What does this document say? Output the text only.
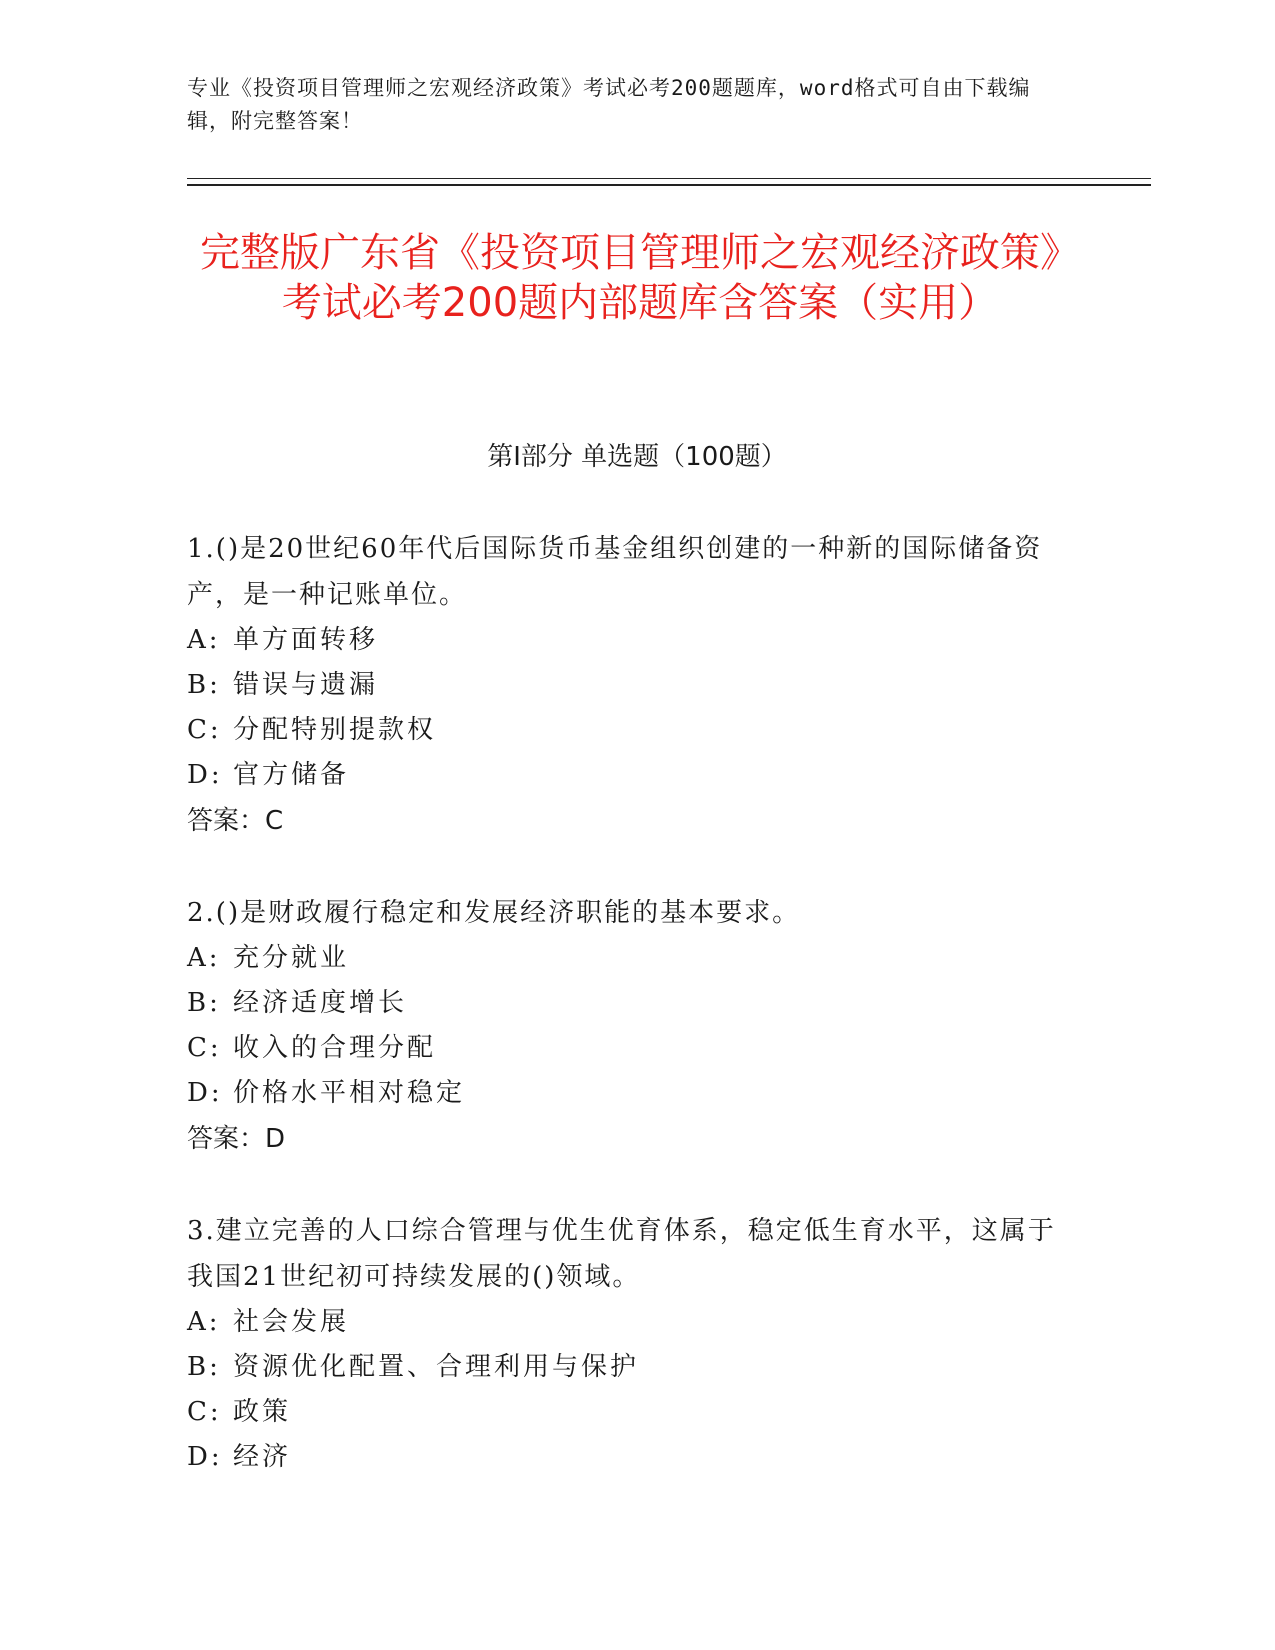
专业《投资项目管理师之宏观经济政策》考试必考200题题库，word格式可自由下载编辑，附完整答案！
完整版广东省《投资项目管理师之宏观经济政策》考试必考200题内部题库含答案（实用）
第I部分 单选题（100题）

1.()是20世纪60年代后国际货币基金组织创建的一种新的国际储备资产，是一种记账单位。

A: 单方面转移

B: 错误与遗漏

C: 分配特别提款权

D: 官方储备

答案：C

2.()是财政履行稳定和发展经济职能的基本要求。

A: 充分就业

B: 经济适度增长

C: 收入的合理分配

D: 价格水平相对稳定

答案：D

3.建立完善的人口综合管理与优生优育体系，稳定低生育水平，这属于我国21世纪初可持续发展的()领域。

A: 社会发展

B: 资源优化配置、合理利用与保护

C: 政策

D: 经济
